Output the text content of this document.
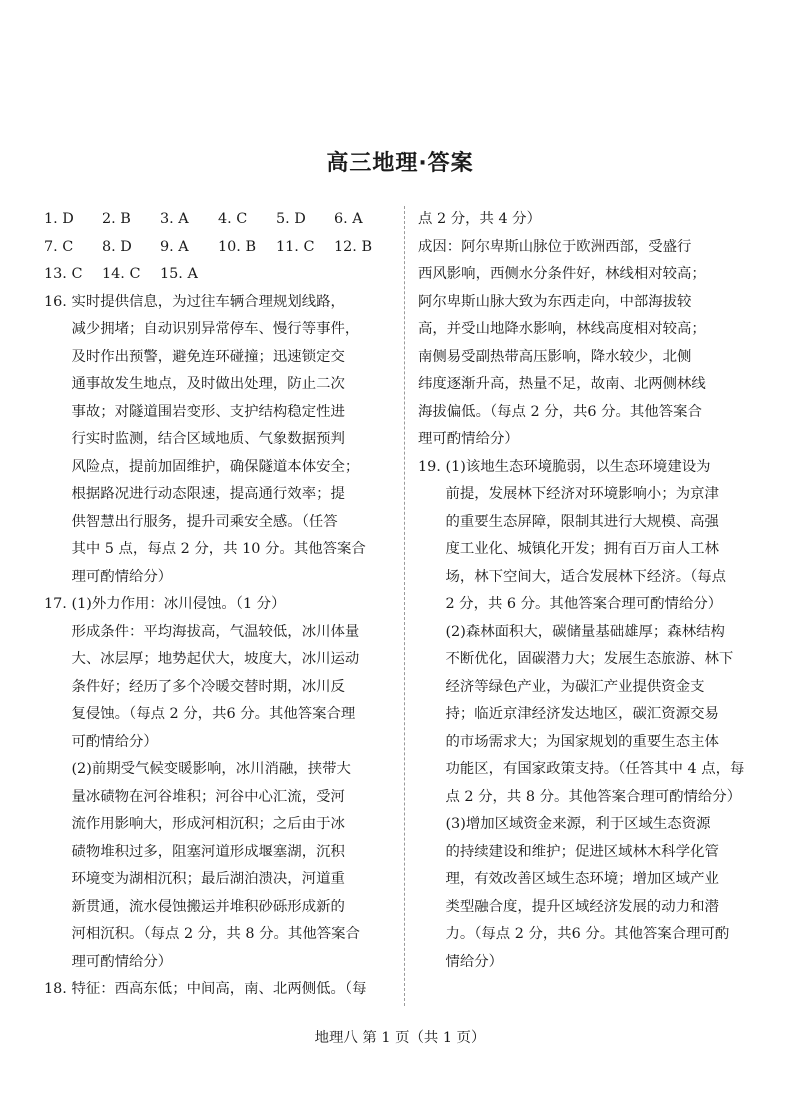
高三地理·答案
1. D	2. B	3. A	4. C	5. D	6. A
7. C	8. D	9. A	10. B	11. C	12. B
13. C	14. C	15. A
16. 实时提供信息，为过往车辆合理规划线路，
减少拥堵；自动识别异常停车、慢行等事件，
及时作出预警，避免连环碰撞；迅速锁定交
通事故发生地点，及时做出处理，防止二次
事故；对隧道围岩变形、支护结构稳定性进
行实时监测，结合区域地质、气象数据预判
风险点，提前加固维护，确保隧道本体安全；
根据路况进行动态限速，提高通行效率；提
供智慧出行服务，提升司乘安全感。（任答
其中 5 点，每点 2 分，共 10 分。其他答案合
理可酌情给分）
17. (1)外力作用：冰川侵蚀。（1 分）
形成条件：平均海拔高，气温较低，冰川体量
大、冰层厚；地势起伏大，坡度大，冰川运动
条件好；经历了多个冷暖交替时期，冰川反
复侵蚀。（每点 2 分，共6 分。其他答案合理
可酌情给分）
(2)前期受气候变暖影响，冰川消融，挟带大
量冰碛物在河谷堆积；河谷中心汇流，受河
流作用影响大，形成河相沉积；之后由于冰
碛物堆积过多，阻塞河道形成堰塞湖，沉积
环境变为湖相沉积；最后湖泊溃决，河道重
新贯通，流水侵蚀搬运并堆积砂砾形成新的
河相沉积。（每点 2 分，共 8 分。其他答案合
理可酌情给分）
18. 特征：西高东低；中间高，南、北两侧低。（每
点 2 分，共 4 分）
成因：阿尔卑斯山脉位于欧洲西部，受盛行
西风影响，西侧水分条件好，林线相对较高；
阿尔卑斯山脉大致为东西走向，中部海拔较
高，并受山地降水影响，林线高度相对较高；
南侧易受副热带高压影响，降水较少，北侧
纬度逐渐升高，热量不足，故南、北两侧林线
海拔偏低。（每点 2 分，共6 分。其他答案合
理可酌情给分）
19. (1)该地生态环境脆弱，以生态环境建设为
前提，发展林下经济对环境影响小；为京津
的重要生态屏障，限制其进行大规模、高强
度工业化、城镇化开发；拥有百万亩人工林
场，林下空间大，适合发展林下经济。（每点
2 分，共 6 分。其他答案合理可酌情给分）
(2)森林面积大，碳储量基础雄厚；森林结构
不断优化，固碳潜力大；发展生态旅游、林下
经济等绿色产业，为碳汇产业提供资金支
持；临近京津经济发达地区，碳汇资源交易
的市场需求大；为国家规划的重要生态主体
功能区，有国家政策支持。（任答其中 4 点，每
点 2 分，共 8 分。其他答案合理可酌情给分）
(3)增加区域资金来源，利于区域生态资源
的持续建设和维护；促进区域林木科学化管
理，有效改善区域生态环境；增加区域产业
类型融合度，提升区域经济发展的动力和潜
力。（每点 2 分，共6 分。其他答案合理可酌
情给分）
地理八 第 1 页（共 1 页）
